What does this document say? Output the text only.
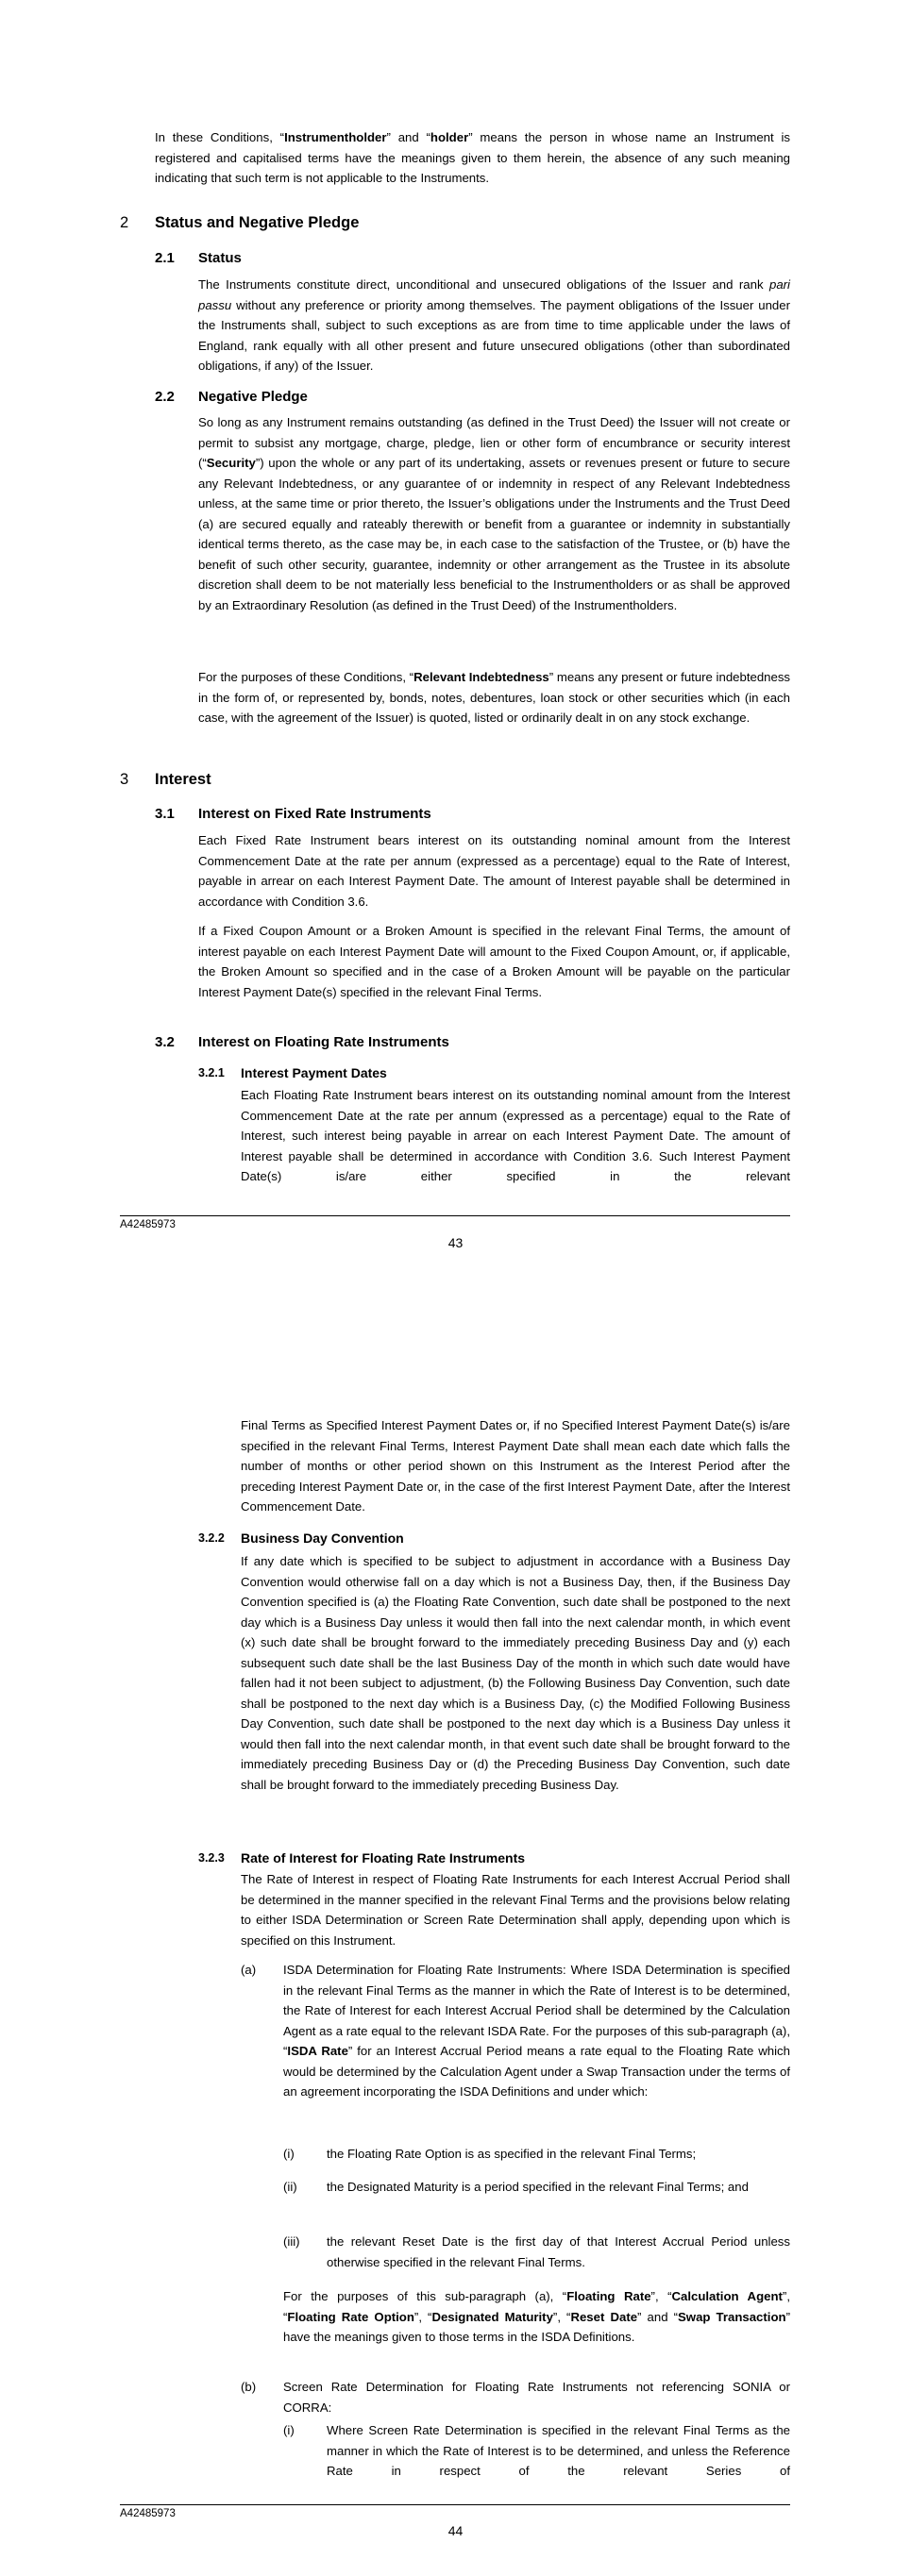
In these Conditions, “Instrumentholder” and “holder” means the person in whose name an Instrument is registered and capitalised terms have the meanings given to them herein, the absence of any such meaning indicating that such term is not applicable to the Instruments.

2 Status and Negative Pledge

2.1 Status

The Instruments constitute direct, unconditional and unsecured obligations of the Issuer and rank pari passu without any preference or priority among themselves. The payment obligations of the Issuer under the Instruments shall, subject to such exceptions as are from time to time applicable under the laws of England, rank equally with all other present and future unsecured obligations (other than subordinated obligations, if any) of the Issuer.

2.2 Negative Pledge

So long as any Instrument remains outstanding (as defined in the Trust Deed) the Issuer will not create or permit to subsist any mortgage, charge, pledge, lien or other form of encumbrance or security interest (“Security”) upon the whole or any part of its undertaking, assets or revenues present or future to secure any Relevant Indebtedness, or any guarantee of or indemnity in respect of any Relevant Indebtedness unless, at the same time or prior thereto, the Issuer’s obligations under the Instruments and the Trust Deed (a) are secured equally and rateably therewith or benefit from a guarantee or indemnity in substantially identical terms thereto, as the case may be, in each case to the satisfaction of the Trustee, or (b) have the benefit of such other security, guarantee, indemnity or other arrangement as the Trustee in its absolute discretion shall deem to be not materially less beneficial to the Instrumentholders or as shall be approved by an Extraordinary Resolution (as defined in the Trust Deed) of the Instrumentholders.

For the purposes of these Conditions, “Relevant Indebtedness” means any present or future indebtedness in the form of, or represented by, bonds, notes, debentures, loan stock or other securities which (in each case, with the agreement of the Issuer) is quoted, listed or ordinarily dealt in on any stock exchange.

3 Interest

3.1 Interest on Fixed Rate Instruments

Each Fixed Rate Instrument bears interest on its outstanding nominal amount from the Interest Commencement Date at the rate per annum (expressed as a percentage) equal to the Rate of Interest, payable in arrear on each Interest Payment Date. The amount of Interest payable shall be determined in accordance with Condition 3.6.

If a Fixed Coupon Amount or a Broken Amount is specified in the relevant Final Terms, the amount of interest payable on each Interest Payment Date will amount to the Fixed Coupon Amount, or, if applicable, the Broken Amount so specified and in the case of a Broken Amount will be payable on the particular Interest Payment Date(s) specified in the relevant Final Terms.

3.2 Interest on Floating Rate Instruments

3.2.1 Interest Payment Dates

Each Floating Rate Instrument bears interest on its outstanding nominal amount from the Interest Commencement Date at the rate per annum (expressed as a percentage) equal to the Rate of Interest, such interest being payable in arrear on each Interest Payment Date. The amount of Interest payable shall be determined in accordance with Condition 3.6. Such Interest Payment Date(s) is/are either specified in the relevant

A42485973

43

Final Terms as Specified Interest Payment Dates or, if no Specified Interest Payment Date(s) is/are specified in the relevant Final Terms, Interest Payment Date shall mean each date which falls the number of months or other period shown on this Instrument as the Interest Period after the preceding Interest Payment Date or, in the case of the first Interest Payment Date, after the Interest Commencement Date.

3.2.2 Business Day Convention

If any date which is specified to be subject to adjustment in accordance with a Business Day Convention would otherwise fall on a day which is not a Business Day, then, if the Business Day Convention specified is (a) the Floating Rate Convention, such date shall be postponed to the next day which is a Business Day unless it would then fall into the next calendar month, in which event (x) such date shall be brought forward to the immediately preceding Business Day and (y) each subsequent such date shall be the last Business Day of the month in which such date would have fallen had it not been subject to adjustment, (b) the Following Business Day Convention, such date shall be postponed to the next day which is a Business Day, (c) the Modified Following Business Day Convention, such date shall be postponed to the next day which is a Business Day unless it would then fall into the next calendar month, in that event such date shall be brought forward to the immediately preceding Business Day or (d) the Preceding Business Day Convention, such date shall be brought forward to the immediately preceding Business Day.

3.2.3 Rate of Interest for Floating Rate Instruments

The Rate of Interest in respect of Floating Rate Instruments for each Interest Accrual Period shall be determined in the manner specified in the relevant Final Terms and the provisions below relating to either ISDA Determination or Screen Rate Determination shall apply, depending upon which is specified on this Instrument.

(a) ISDA Determination for Floating Rate Instruments: Where ISDA Determination is specified in the relevant Final Terms as the manner in which the Rate of Interest is to be determined, the Rate of Interest for each Interest Accrual Period shall be determined by the Calculation Agent as a rate equal to the relevant ISDA Rate. For the purposes of this sub-paragraph (a), “ISDA Rate” for an Interest Accrual Period means a rate equal to the Floating Rate which would be determined by the Calculation Agent under a Swap Transaction under the terms of an agreement incorporating the ISDA Definitions and under which:

(i)	the Floating Rate Option is as specified in the relevant Final Terms;

(ii) the Designated Maturity is a period specified in the relevant Final Terms; and

(iii) the relevant Reset Date is the first day of that Interest Accrual Period unless otherwise specified in the relevant Final Terms.

For the purposes of this sub-paragraph (a), “Floating Rate”, “Calculation Agent”, “Floating Rate Option”, “Designated Maturity”, “Reset Date” and “Swap Transaction” have the meanings given to those terms in the ISDA Definitions.

(b) Screen Rate Determination for Floating Rate Instruments not referencing SONIA or CORRA:

(i)	Where Screen Rate Determination is specified in the relevant Final Terms as the manner in which the Rate of Interest is to be determined, and unless the Reference Rate in respect of the relevant Series of

A42485973

44
